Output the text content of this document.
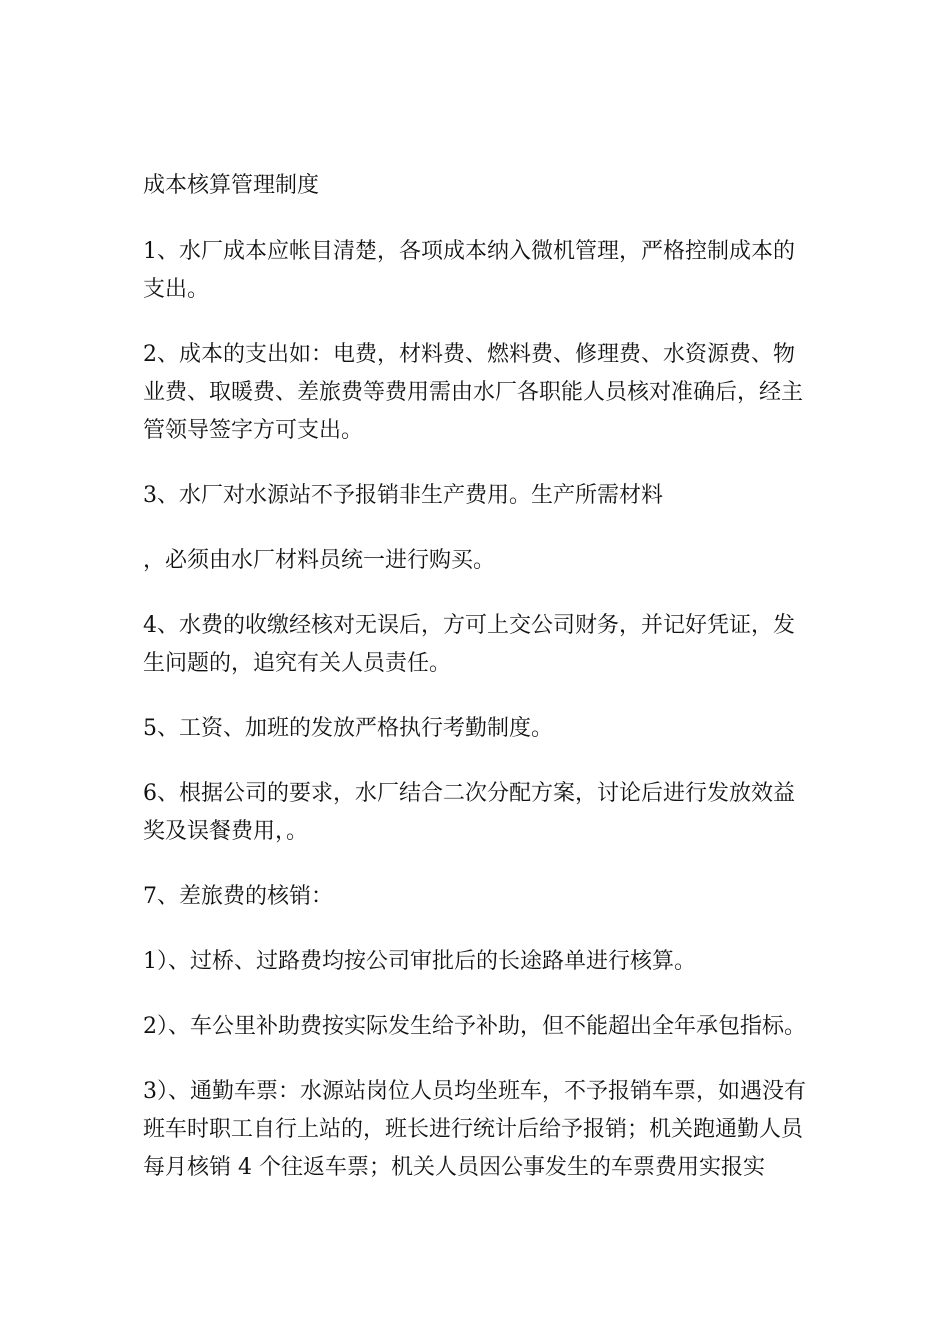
成本核算管理制度

1、水厂成本应帐目清楚，各项成本纳入微机管理，严格控制成本的支出。

2、成本的支出如：电费，材料费、燃料费、修理费、水资源费、物业费、取暖费、差旅费等费用需由水厂各职能人员核对准确后，经主管领导签字方可支出。

3、水厂对水源站不予报销非生产费用。生产所需材料

，必须由水厂材料员统一进行购买。

4、水费的收缴经核对无误后，方可上交公司财务，并记好凭证，发生问题的，追究有关人员责任。

5、工资、加班的发放严格执行考勤制度。

6、根据公司的要求，水厂结合二次分配方案，讨论后进行发放效益奖及误餐费用，。

7、差旅费的核销：

1）、过桥、过路费均按公司审批后的长途路单进行核算。

2）、车公里补助费按实际发生给予补助，但不能超出全年承包指标。

3）、通勤车票：水源站岗位人员均坐班车，不予报销车票，如遇没有班车时职工自行上站的，班长进行统计后给予报销；机关跑通勤人员每月核销 4 个往返车票；机关人员因公事发生的车票费用实报实
